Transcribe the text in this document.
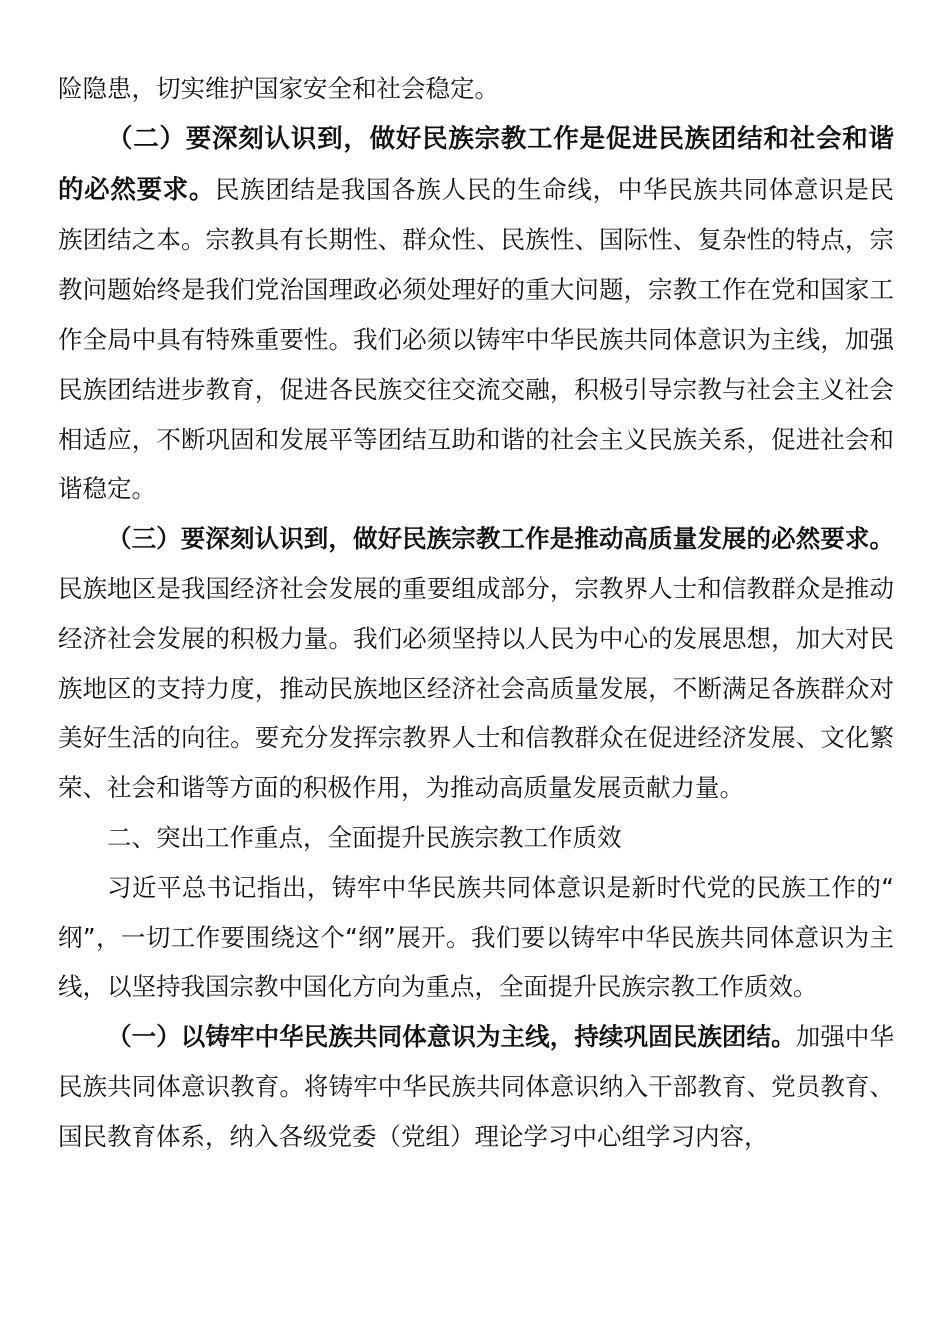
险隐患，切实维护国家安全和社会稳定。

（二）要深刻认识到，做好民族宗教工作是促进民族团结和社会和谐的必然要求。民族团结是我国各族人民的生命线，中华民族共同体意识是民族团结之本。宗教具有长期性、群众性、民族性、国际性、复杂性的特点，宗教问题始终是我们党治国理政必须处理好的重大问题，宗教工作在党和国家工作全局中具有特殊重要性。我们必须以铸牢中华民族共同体意识为主线，加强民族团结进步教育，促进各民族交往交流交融，积极引导宗教与社会主义社会相适应，不断巩固和发展平等团结互助和谐的社会主义民族关系，促进社会和谐稳定。

（三）要深刻认识到，做好民族宗教工作是推动高质量发展的必然要求。民族地区是我国经济社会发展的重要组成部分，宗教界人士和信教群众是推动经济社会发展的积极力量。我们必须坚持以人民为中心的发展思想，加大对民族地区的支持力度，推动民族地区经济社会高质量发展，不断满足各族群众对美好生活的向往。要充分发挥宗教界人士和信教群众在促进经济发展、文化繁荣、社会和谐等方面的积极作用，为推动高质量发展贡献力量。

二、突出工作重点，全面提升民族宗教工作质效

习近平总书记指出，铸牢中华民族共同体意识是新时代党的民族工作的“纲”，一切工作要围绕这个“纲”展开。我们要以铸牢中华民族共同体意识为主线，以坚持我国宗教中国化方向为重点，全面提升民族宗教工作质效。

（一）以铸牢中华民族共同体意识为主线，持续巩固民族团结。加强中华民族共同体意识教育。将铸牢中华民族共同体意识纳入干部教育、党员教育、国民教育体系，纳入各级党委（党组）理论学习中心组学习内容，
